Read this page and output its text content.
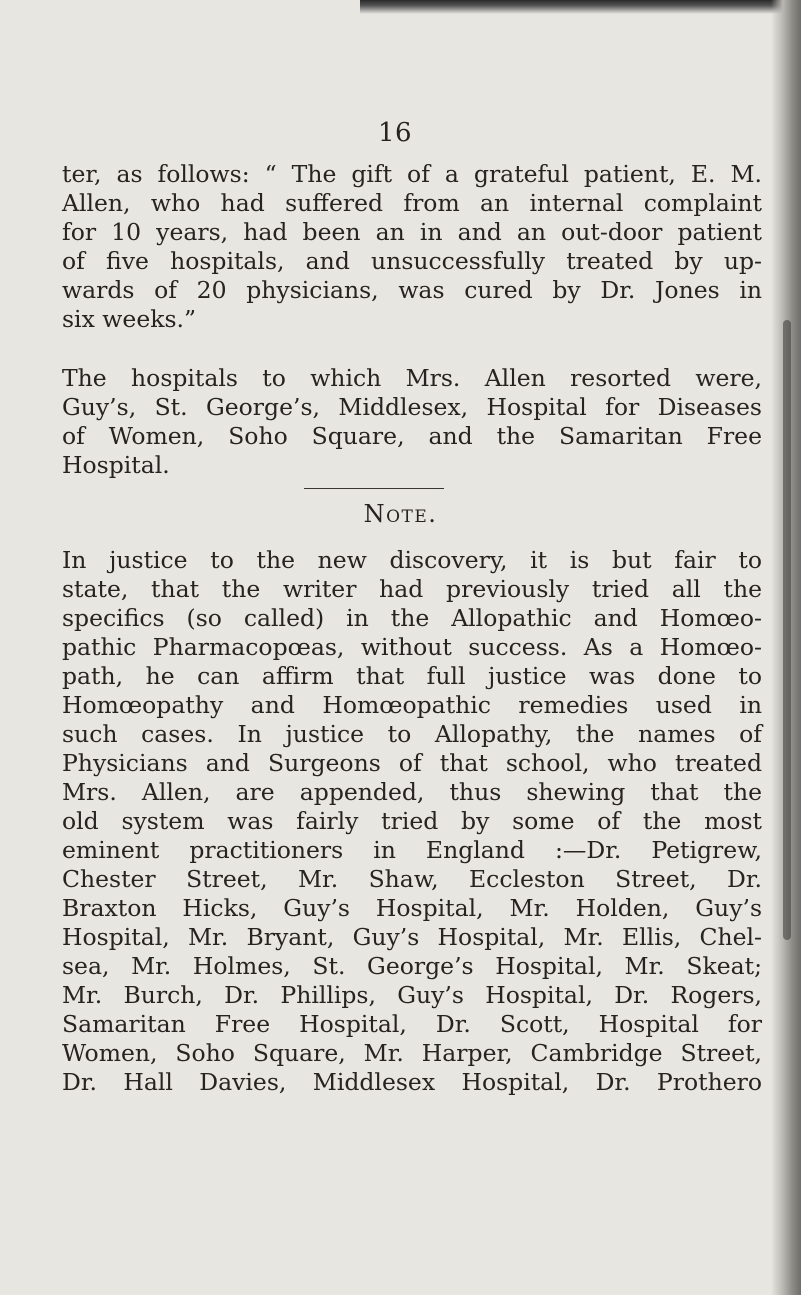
16
ter, as follows: “ The gift of a grateful patient, E. M.
Allen, who had suffered from an internal complaint
for 10 years, had been an in and an out-door patient
of five hospitals, and unsuccessfully treated by up-
wards of 20 physicians, was cured by Dr. Jones in
six weeks.”
The hospitals to which Mrs. Allen resorted were,
Guy’s, St. George’s, Middlesex, Hospital for Diseases
of Women, Soho Square, and the Samaritan Free
Hospital.
Note.
In justice to the new discovery, it is but fair to
state, that the writer had previously tried all the
specifics (so called) in the Allopathic and Homœo-
pathic Pharmacopœas, without success. As a Homœo-
path, he can affirm that full justice was done to
Homœopathy and Homœopathic remedies used in
such cases. In justice to Allopathy, the names of
Physicians and Surgeons of that school, who treated
Mrs. Allen, are appended, thus shewing that the
old system was fairly tried by some of the most
eminent practitioners in England :—Dr. Petigrew,
Chester Street, Mr. Shaw, Eccleston Street, Dr.
Braxton Hicks, Guy’s Hospital, Mr. Holden, Guy’s
Hospital, Mr. Bryant, Guy’s Hospital, Mr. Ellis, Chel-
sea, Mr. Holmes, St. George’s Hospital, Mr. Skeat;
Mr. Burch, Dr. Phillips, Guy’s Hospital, Dr. Rogers,
Samaritan Free Hospital, Dr. Scott, Hospital for
Women, Soho Square, Mr. Harper, Cambridge Street,
Dr. Hall Davies, Middlesex Hospital, Dr. Prothero
